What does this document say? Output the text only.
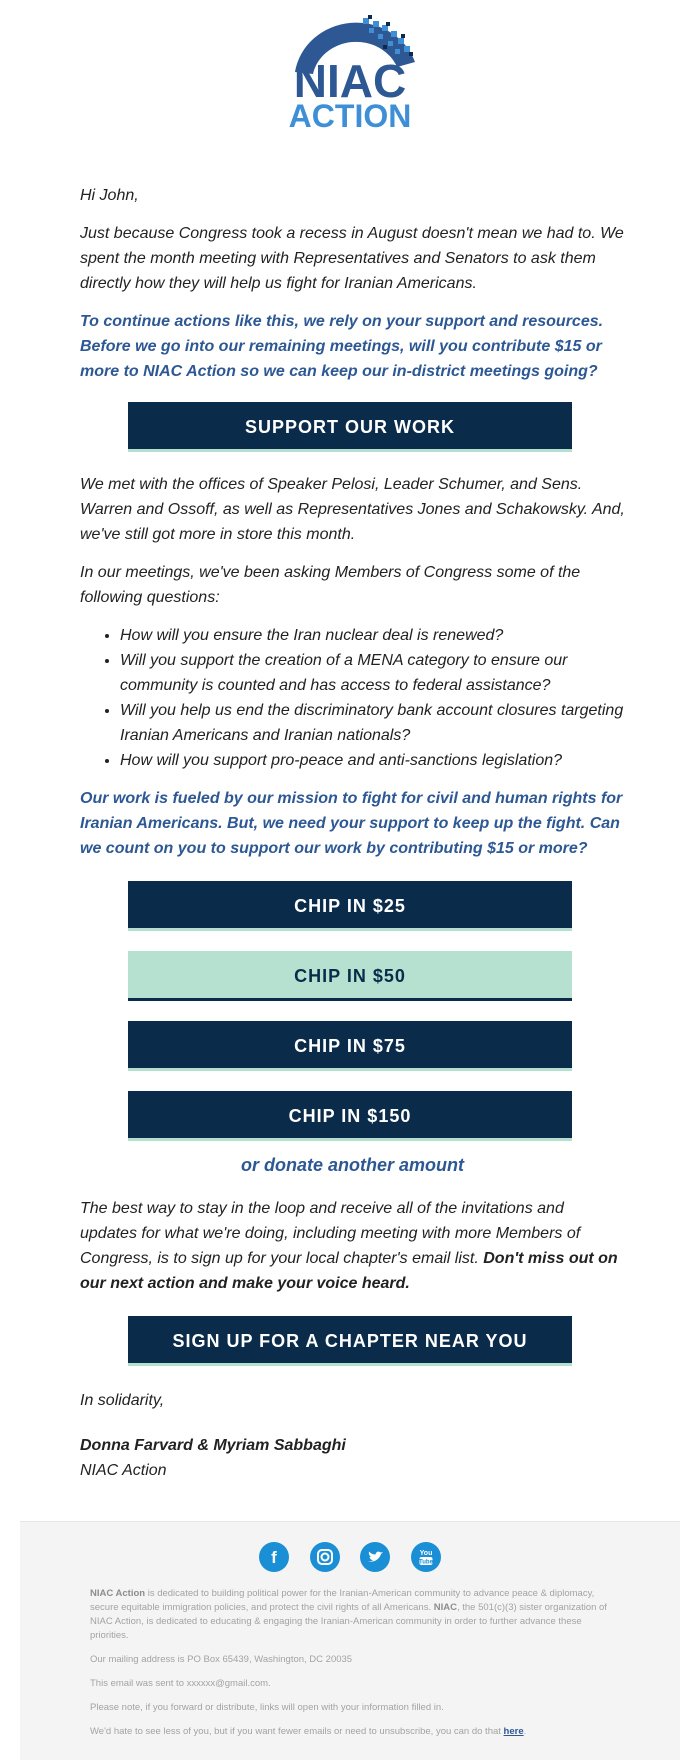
NIAC
ACTION

Hi John,

Just because Congress took a recess in August doesn't mean we had to. We spent the month meeting with Representatives and Senators to ask them directly how they will help us fight for Iranian Americans.

To continue actions like this, we rely on your support and resources. Before we go into our remaining meetings, will you contribute $15 or more to NIAC Action so we can keep our in-district meetings going?

SUPPORT OUR WORK

We met with the offices of Speaker Pelosi, Leader Schumer, and Sens. Warren and Ossoff, as well as Representatives Jones and Schakowsky. And, we've still got more in store this month.

In our meetings, we've been asking Members of Congress some of the following questions:

• How will you ensure the Iran nuclear deal is renewed?
• Will you support the creation of a MENA category to ensure our community is counted and has access to federal assistance?
• Will you help us end the discriminatory bank account closures targeting Iranian Americans and Iranian nationals?
• How will you support pro-peace and anti-sanctions legislation?

Our work is fueled by our mission to fight for civil and human rights for Iranian Americans. But, we need your support to keep up the fight. Can we count on you to support our work by contributing $15 or more?

CHIP IN $25
CHIP IN $50
CHIP IN $75
CHIP IN $150
or donate another amount

The best way to stay in the loop and receive all of the invitations and updates for what we're doing, including meeting with more Members of Congress, is to sign up for your local chapter's email list. Don't miss out on our next action and make your voice heard.

SIGN UP FOR A CHAPTER NEAR YOU

In solidarity,

Donna Farvard & Myriam Sabbaghi
NIAC Action
f

	You
Tube

NIAC Action is dedicated to building political power for the Iranian-American community to advance peace & diplomacy, secure equitable immigration policies, and protect the civil rights of all Americans. NIAC, the 501(c)(3) sister organization of NIAC Action, is dedicated to educating & engaging the Iranian-American community in order to further advance these priorities.

Our mailing address is PO Box 65439, Washington, DC 20035

This email was sent to xxxxxx@gmail.com.

Please note, if you forward or distribute, links will open with your information filled in.

We'd hate to see less of you, but if you want fewer emails or need to unsubscribe, you can do that here.
